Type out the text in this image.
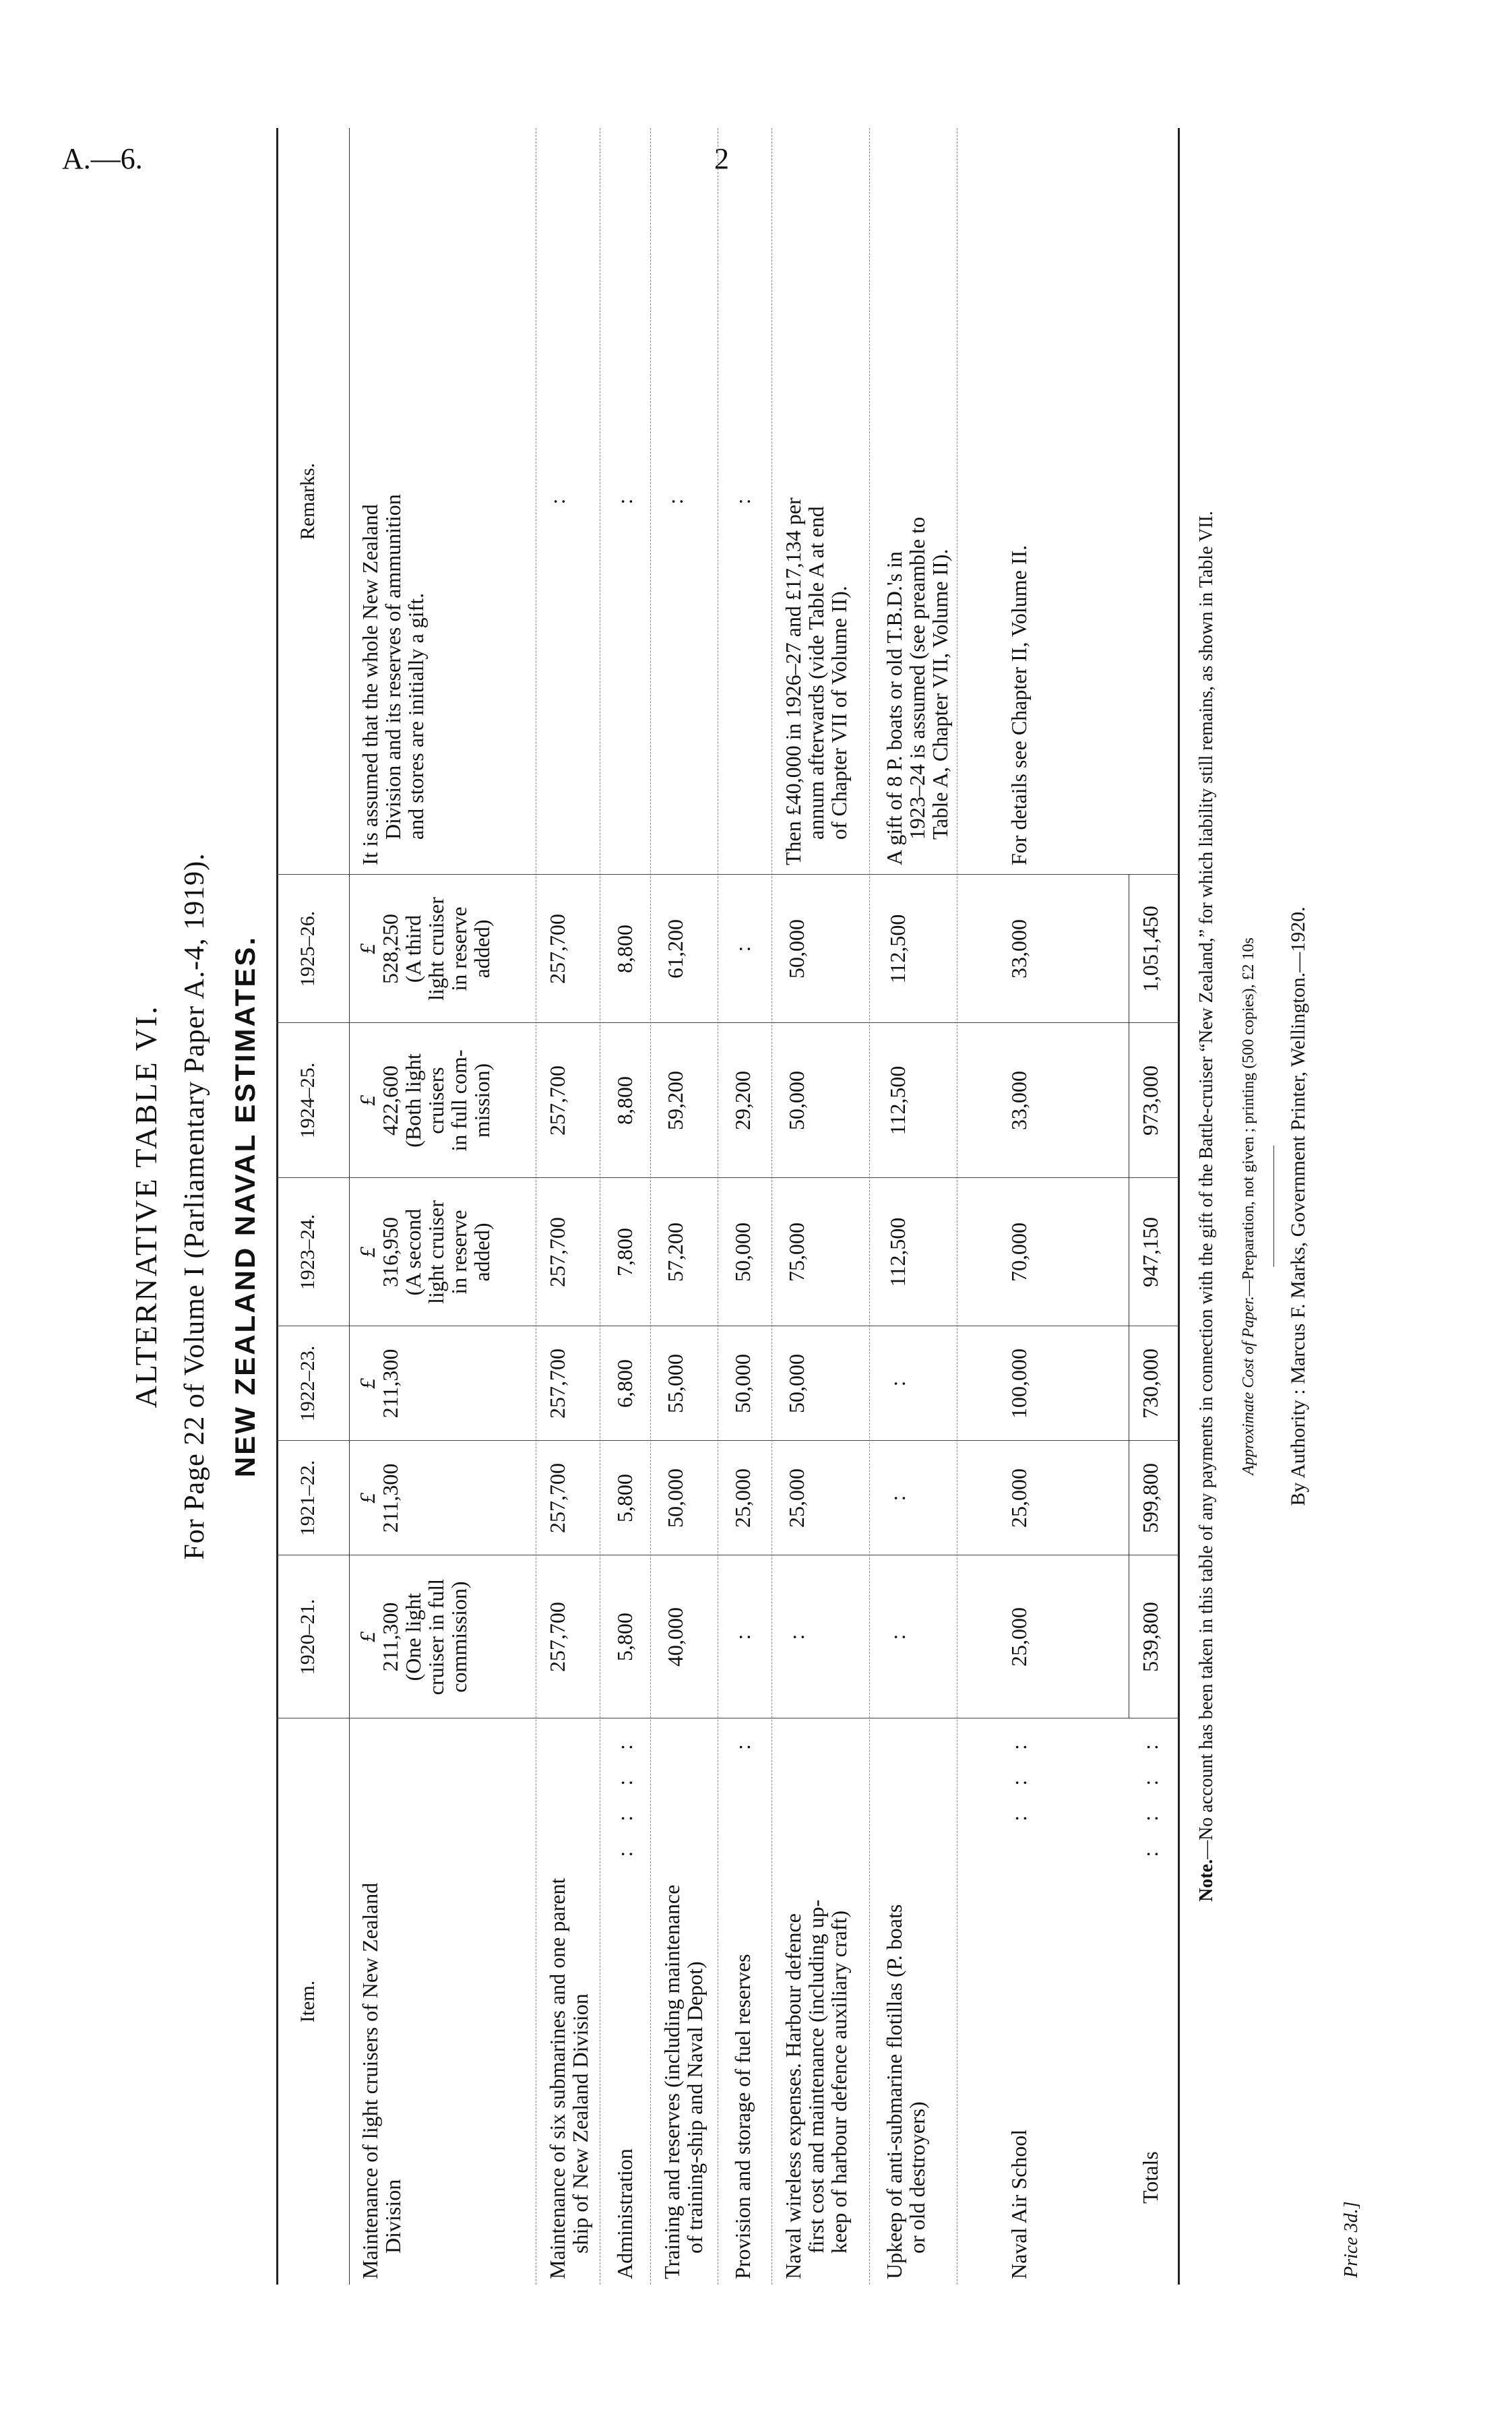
A.—6.	2
ALTERNATIVE TABLE VI. For Page 22 of Volume I (Parliamentary Paper A.-4, 1919). NEW ZEALAND NAVAL ESTIMATES.
Item.
1920–21.
1921–22.
1922–23.
1923–24.
1924–25.
1925–26.
Remarks.
Maintenance of light cruisers of New Zealand
Division
£
211,300
(One light
cruiser in full
commission)
£
211,300
£
211,300
£
316,950
(A second
light cruiser
in reserve
added)
£
422,600
(Both light
cruisers
in full com-
mission)
£
528,250
(A third
light cruiser
in reserve
added)
It is assumed that the whole New Zealand
Division and its reserves of ammunition
and stores are initially a gift.
Maintenance of six submarines and one parent
ship of New Zealand Division
257,700
257,700
257,700
257,700
257,700
257,700
:
Administration
: : : :
5,800
5,800
6,800
7,800
8,800
8,800
:
Training and reserves (including maintenance
of training-ship and Naval Depot)
40,000
50,000
55,000
57,200
59,200
61,200
:
Provision and storage of fuel reserves
:
:
25,000
50,000
50,000
29,200
:
:
Naval wireless expenses. Harbour defence
first cost and maintenance (including up-
keep of harbour defence auxiliary craft)
:
25,000
50,000
75,000
50,000
50,000
Then £40,000 in 1926–27 and £17,134 per
annum afterwards (vide Table A at end
of Chapter VII of Volume II).
Upkeep of anti-submarine flotillas (P. boats
or old destroyers)
:
:
:
112,500
112,500
112,500
A gift of 8 P. boats or old T.B.D.'s in
1923–24 is assumed (see preamble to
Table A, Chapter VII, Volume II).
Naval Air School
: : :
25,000
25,000
100,000
70,000
33,000
33,000
For details see Chapter II, Volume II.
Totals
: : : :
539,800
599,800
730,000
947,150
973,000
1,051,450
Note.—No account has been taken in this table of any payments in connection with the gift of the Battle-cruiser “New Zealand,” for which liability still remains, as shown in Table VII.	Approximate Cost of Paper.—Preparation, not given ; printing (500 copies), £2 10s By Authority : Marcus F. Marks, Government Printer, Wellington.—1920.
Price 3d.]
